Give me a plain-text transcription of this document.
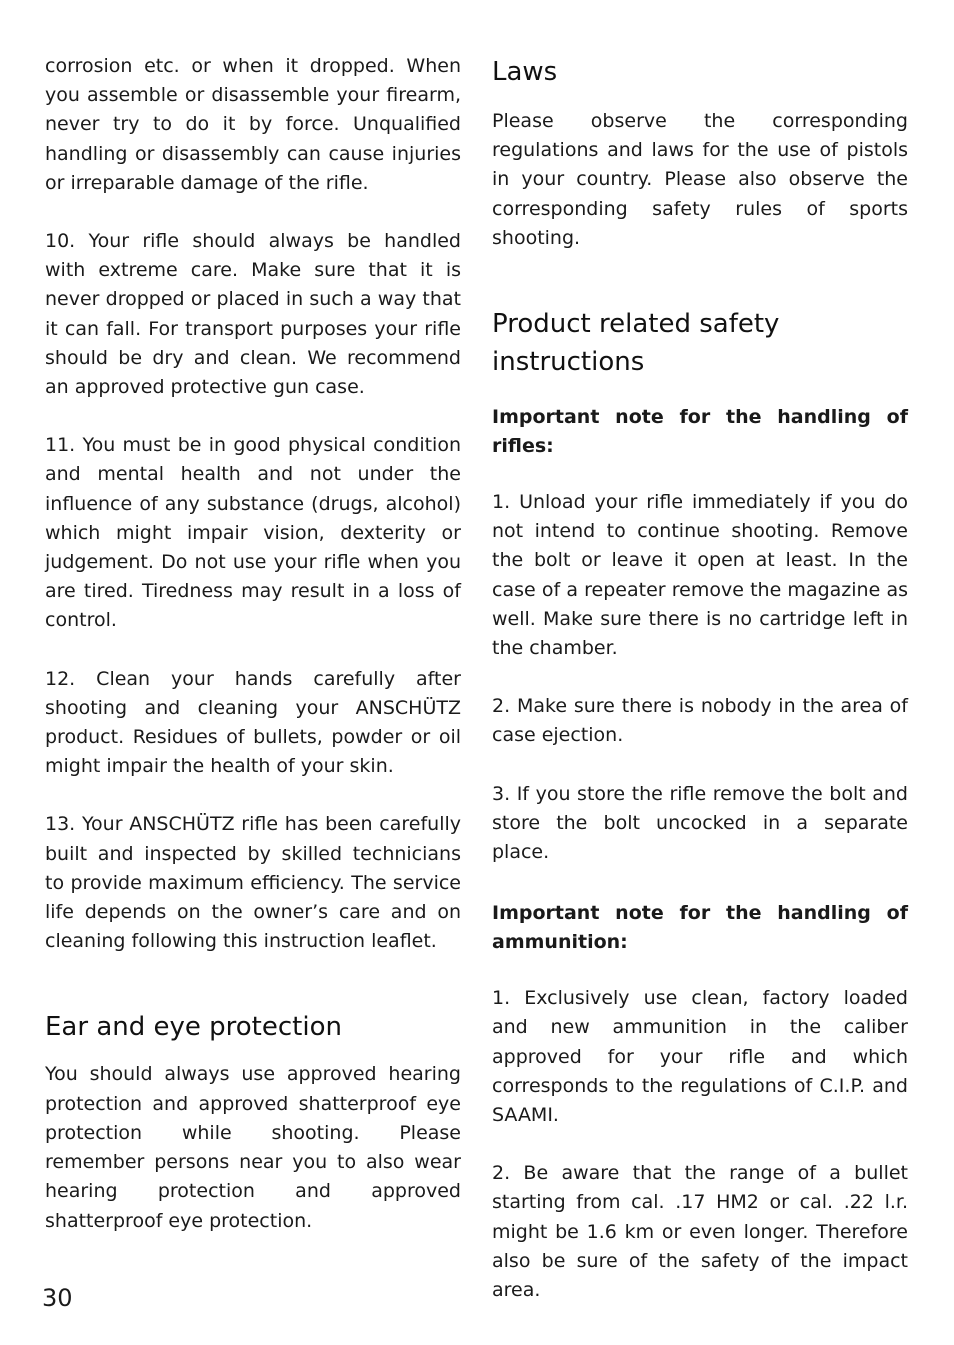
corrosion etc. or when it dropped. When you assemble or disassemble your firearm, never try to do it by force. Unqualified handling or disassembly can cause injuries or irreparable damage of the rifle.

10. Your rifle should always be handled with extreme care. Make sure that it is never dropped or placed in such a way that it can fall. For transport purposes your rifle should be dry and clean. We recommend an approved protective gun case.

11. You must be in good physical condition and mental health and not under the influence of any substance (drugs, alcohol) which might impair vision, dexterity or judgement. Do not use your rifle when you are tired. Tiredness may result in a loss of control.

12. Clean your hands carefully after shooting and cleaning your ANSCHÜTZ product. Residues of bullets, powder or oil might impair the health of your skin.

13. Your ANSCHÜTZ rifle has been carefully built and inspected by skilled technicians to provide maximum efficiency. The service life depends on the owner’s care and on cleaning following this instruction leaflet.

Ear and eye protection

You should always use approved hearing protection and approved shatterproof eye protection while shooting. Please remember persons near you to also wear hearing protection and approved shatterproof eye protection.

Laws

Please observe the corresponding regulations and laws for the use of pistols in your country. Please also observe the corresponding safety rules of sports shooting.

Product related safety instructions
Important note for the handling of rifles:

1. Unload your rifle immediately if you do not intend to continue shooting. Remove the bolt or leave it open at least. In the case of a repeater remove the magazine as well. Make sure there is no cartridge left in the chamber.

2. Make sure there is nobody in the area of case ejection.

3. If you store the rifle remove the bolt and store the bolt uncocked in a separate place.

Important note for the handling of ammunition:

1. Exclusively use clean, factory loaded and new ammunition in the caliber approved for your rifle and which corresponds to the regulations of C.I.P. and SAAMI.

2. Be aware that the range of a bullet starting from cal. .17 HM2 or cal. .22 l.r. might be 1.6 km or even longer. Therefore also be sure of the safety of the impact area.

30
